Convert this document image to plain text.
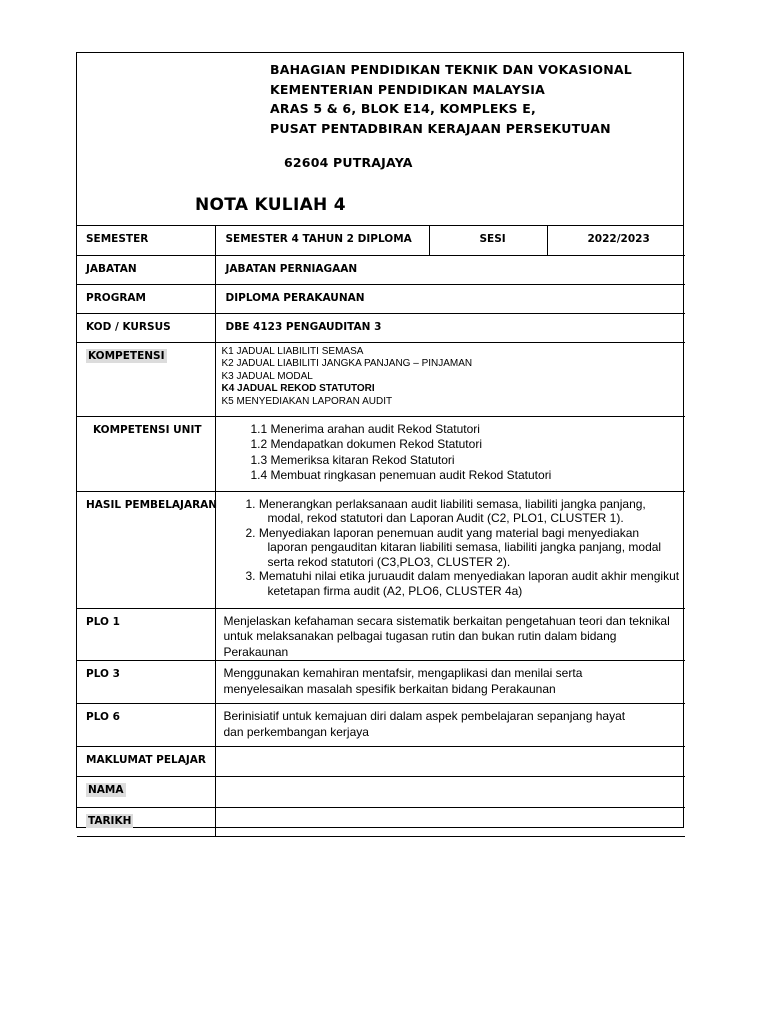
BAHAGIAN PENDIDIKAN TEKNIK DAN VOKASIONAL
KEMENTERIAN PENDIDIKAN MALAYSIA
ARAS 5 & 6, BLOK E14, KOMPLEKS E,
PUSAT PENTADBIRAN KERAJAAN PERSEKUTUAN
62604 PUTRAJAYA
NOTA KULIAH 4
SEMESTER	SEMESTER 4 TAHUN 2 DIPLOMA	SESI	2022/2023

JABATAN	JABATAN PERNIAGAAN		

PROGRAM	DIPLOMA PERAKAUNAN		

KOD / KURSUS	DBE 4123 PENGAUDITAN 3		

KOMPETENSI	K1 JADUAL LIABILITI SEMASA
K2 JADUAL LIABILITI JANGKA PANJANG – PINJAMAN
K3 JADUAL MODAL
K4 JADUAL REKOD STATUTORI
K5 MENYEDIAKAN LAPORAN AUDIT		

KOMPETENSI UNIT	1.1 Menerima arahan audit Rekod Statutori
1.2 Mendapatkan dokumen Rekod Statutori
1.3 Memeriksa kitaran Rekod Statutori
1.4 Membuat ringkasan penemuan audit Rekod Statutori		

HASIL PEMBELAJARAN	1. Menerangkan perlaksanaan audit liabiliti semasa, liabiliti jangka panjang, modal, rekod statutori dan Laporan Audit (C2, PLO1, CLUSTER 1).
2. Menyediakan laporan penemuan audit yang material bagi menyediakan laporan pengauditan kitaran liabiliti semasa, liabiliti jangka panjang, modal serta rekod statutori (C3,PLO3, CLUSTER 2).
3. Mematuhi nilai etika juruaudit dalam menyediakan laporan audit akhir mengikut ketetapan firma audit (A2, PLO6, CLUSTER 4a)		

PLO 1	Menjelaskan kefahaman secara sistematik berkaitan pengetahuan teori dan teknikal
untuk melaksanakan pelbagai tugasan rutin dan bukan rutin dalam bidang Perakaunan		

PLO 3	Menggunakan kemahiran mentafsir, mengaplikasi dan menilai serta
menyelesaikan masalah spesifik berkaitan bidang Perakaunan		

PLO 6	Berinisiatif untuk kemajuan diri dalam aspek pembelajaran sepanjang hayat
dan perkembangan kerjaya		

MAKLUMAT PELAJAR			

NAMA			

TARIKH			
